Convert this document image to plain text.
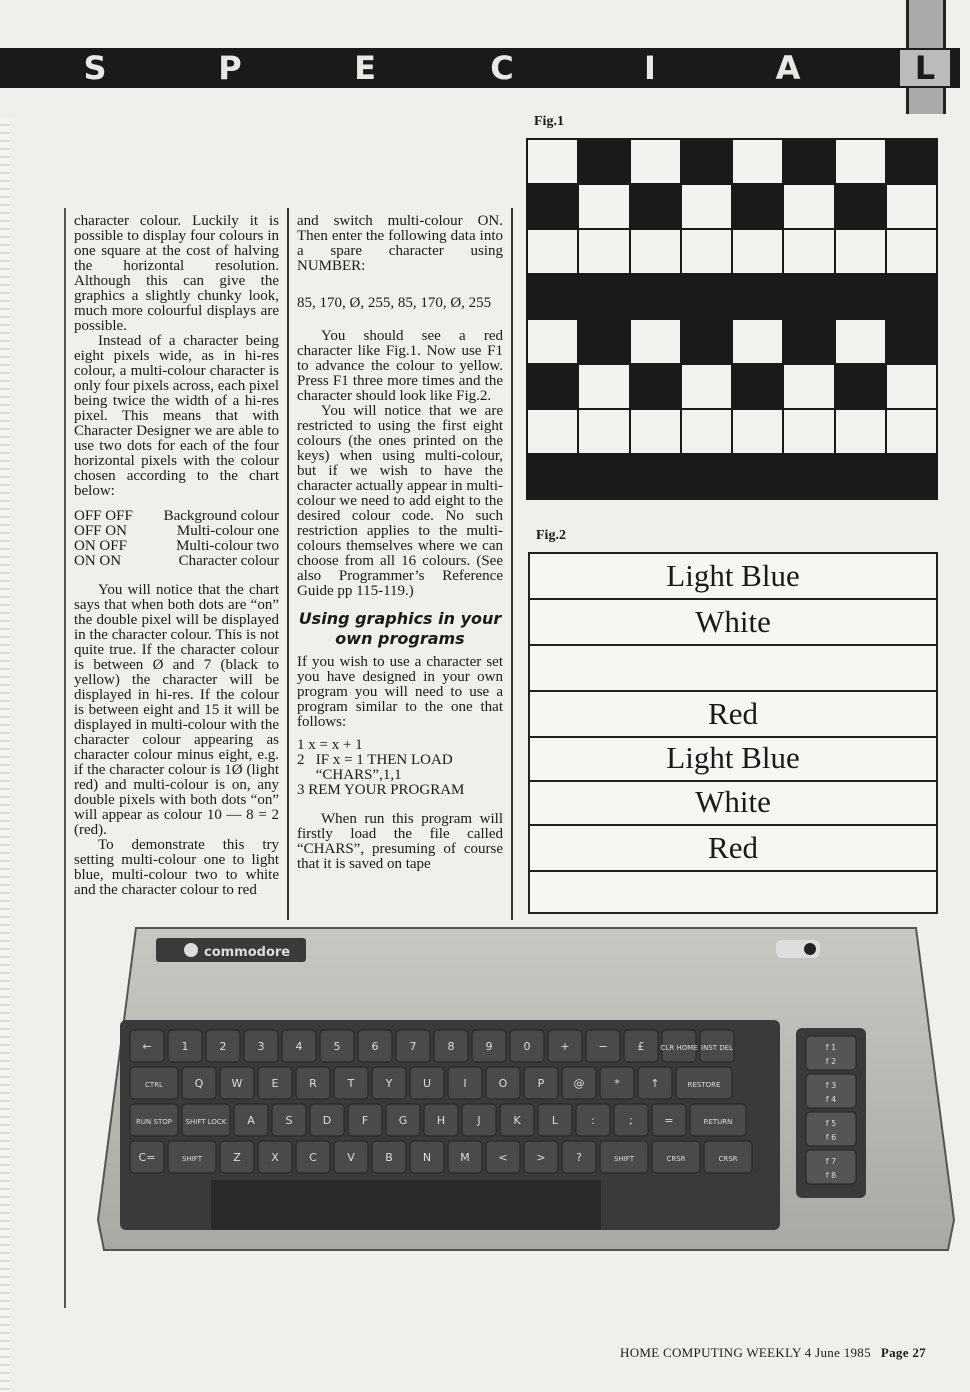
S	P	E	C	I	A	L

character colour. Luckily it is possible to display four colours in one square at the cost of halving the horizontal resolution. Although this can give the graphics a slightly chunky look, much more colourful displays are possible.

Instead of a character being eight pixels wide, as in hi-res colour, a multi-colour character is only four pixels across, each pixel being twice the width of a hi-res pixel. This means that with Character Designer we are able to use two dots for each of the four horizontal pixels with the colour chosen according to the chart below:

OFF OFF Background colour
OFF ON	Multi-colour one
ON OFF	Multi-colour two
ON ON	Character colour

You will notice that the chart says that when both dots are “on” the double pixel will be displayed in the character colour. This is not quite true. If the character colour is between Ø and 7 (black to yellow) the character will be displayed in hi-res. If the colour is between eight and 15 it will be displayed in multi-colour with the character colour appearing as character colour minus eight, e.g. if the character colour is 1Ø (light red) and multi-colour is on, any double pixels with both dots “on” will appear as colour 10 — 8 = 2 (red).

To demonstrate this try setting multi-colour one to light blue, multi-colour two to white and the character colour to red

and switch multi-colour ON. Then enter the following data into a spare character using NUMBER:

85, 170, Ø, 255, 85, 170, Ø, 255

You should see a red character like Fig.1. Now use F1 to advance the colour to yellow. Press F1 three more times and the character should look like Fig.2.

You will notice that we are restricted to using the first eight colours (the ones printed on the keys) when using multi-colour, but if we wish to have the character actually appear in multi-colour we need to add eight to the desired colour code. No such restriction applies to the multi-colours themselves where we can choose from all 16 colours. (See also Programmer’s Reference Guide pp 115-119.)

Using graphics in your own programs

If you wish to use a character set you have designed in your own program you will need to use a program similar to the one that follows:

1 x = x + 1
2   IF x = 1 THEN LOAD
“CHARS”,1,1
3 REM YOUR PROGRAM

When run this program will firstly load the file called “CHARS”, presuming of course that it is saved on tape

Fig.1
Fig.2
Light Blue
White
Red
Light Blue
White
Red
commodore
←	1	2	3	4	5	6	7	8	9	0	+	−	£ CLR HOME INST DEL
CTRL	Q	W	E	R	T	Y	U	I	O	P	@	*	↑	RESTORE
RUN STOP SHIFT LOCK A	S	D	F	G	H	J	K	L	:	;	=	RETURN
C=	SHIFT	Z	X	C	V	B	N	M	<	>	?	SHIFT	CRSR	CRSR
f 1
f 2
f 3
f 4
f 5
f 6
f 7
f 8
HOME COMPUTING WEEKLY 4 June 1985 Page 27
